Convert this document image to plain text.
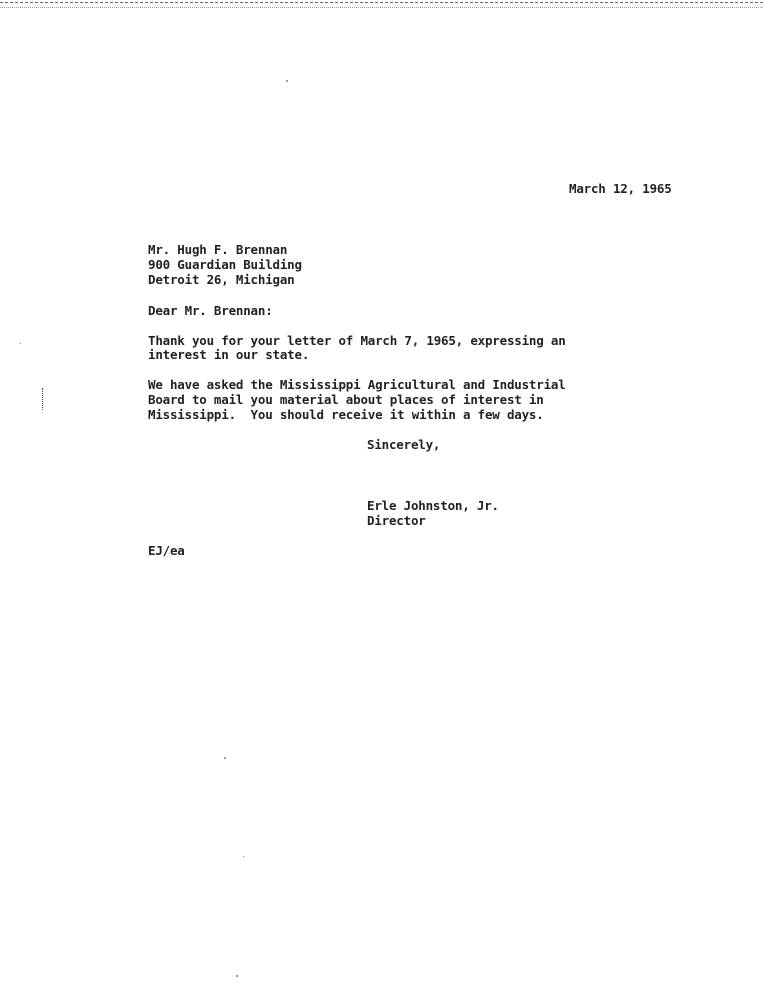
March 12, 1965
Mr. Hugh F. Brennan
900 Guardian Building
Detroit 26, Michigan
Dear Mr. Brennan:
Thank you for your letter of March 7, 1965, expressing an
interest in our state.
We have asked the Mississippi Agricultural and Industrial
Board to mail you material about places of interest in
Mississippi.  You should receive it within a few days.
Sincerely,
Erle Johnston, Jr.
Director
EJ/ea
